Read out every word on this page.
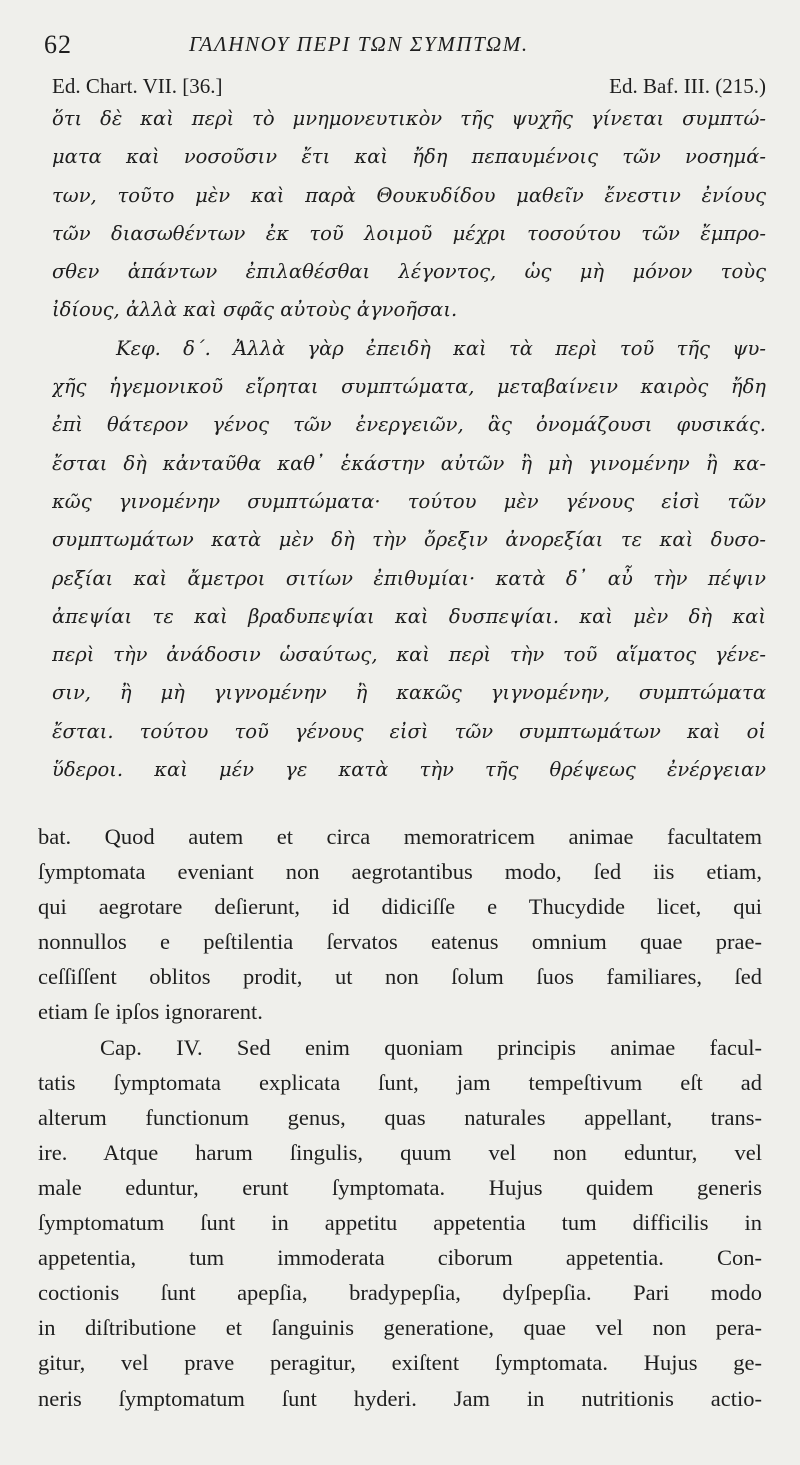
62	ΓΑΛΗΝΟΥ ΠΕΡΙ ΤΩΝ ΣΥΜΠΤΩΜ.
Ed. Chart. VII. [36.]	Ed. Baf. III. (215.)
ὅτι δὲ καὶ περὶ τὸ μνημονευτικὸν τῆς ψυχῆς γίνεται συμπτώ-
ματα καὶ νοσοῦσιν ἔτι καὶ ἤδη πεπαυμένοις τῶν νοσημά-
των, τοῦτο μὲν καὶ παρὰ Θουκυδίδου μαθεῖν ἔνεστιν ἐνίους
τῶν διασωθέντων ἐκ τοῦ λοιμοῦ μέχρι τοσούτου τῶν ἔμπρο-
σθεν ἁπάντων ἐπιλαθέσθαι λέγοντος, ὡς μὴ μόνον τοὺς
ἰδίους, ἀλλὰ καὶ σφᾶς αὐτοὺς ἀγνοῆσαι.
Κεφ. δ΄. Ἀλλὰ γὰρ ἐπειδὴ καὶ τὰ περὶ τοῦ τῆς ψυ-
χῆς ἡγεμονικοῦ εἴρηται συμπτώματα, μεταβαίνειν καιρὸς ἤδη
ἐπὶ θάτερον γένος τῶν ἐνεργειῶν, ἃς ὀνομάζουσι φυσικάς.
ἔσται δὴ κἀνταῦθα καθ᾿ ἑκάστην αὐτῶν ἢ μὴ γινομένην ἢ κα-
κῶς γινομένην συμπτώματα· τούτου μὲν γένους εἰσὶ τῶν
συμπτωμάτων κατὰ μὲν δὴ τὴν ὄρεξιν ἀνορεξίαι τε καὶ δυσο-
ρεξίαι καὶ ἄμετροι σιτίων ἐπιθυμίαι· κατὰ δ᾿ αὖ τὴν πέψιν
ἀπεψίαι τε καὶ βραδυπεψίαι καὶ δυσπεψίαι. καὶ μὲν δὴ καὶ
περὶ τὴν ἀνάδοσιν ὡσαύτως, καὶ περὶ τὴν τοῦ αἵματος γένε-
σιν, ἢ μὴ γιγνομένην ἢ κακῶς γιγνομένην, συμπτώματα
ἔσται. τούτου τοῦ γένους εἰσὶ τῶν συμπτωμάτων καὶ οἱ
ὕδεροι. καὶ μέν γε κατὰ τὴν τῆς θρέψεως ἐνέργειαν
bat. Quod autem et circa memoratricem animae facultatem
ſymptomata eveniant non aegrotantibus modo, ſed iis etiam,
qui aegrotare deſierunt, id didiciſſe e Thucydide licet, qui
nonnullos e peſtilentia ſervatos eatenus omnium quae prae-
ceſſiſſent oblitos prodit, ut non ſolum ſuos familiares, ſed
etiam ſe ipſos ignorarent.
Cap. IV. Sed enim quoniam principis animae facul-
tatis ſymptomata explicata ſunt, jam tempeſtivum eſt ad
alterum functionum genus, quas naturales appellant, trans-
ire. Atque harum ſingulis, quum vel non eduntur, vel
male eduntur, erunt ſymptomata. Hujus quidem generis
ſymptomatum ſunt in appetitu appetentia tum difficilis in
appetentia, tum immoderata ciborum appetentia. Con-
coctionis ſunt apepſia, bradypepſia, dyſpepſia. Pari modo
in diſtributione et ſanguinis generatione, quae vel non pera-
gitur, vel prave peragitur, exiſtent ſymptomata. Hujus ge-
neris ſymptomatum ſunt hyderi. Jam in nutritionis actio-
